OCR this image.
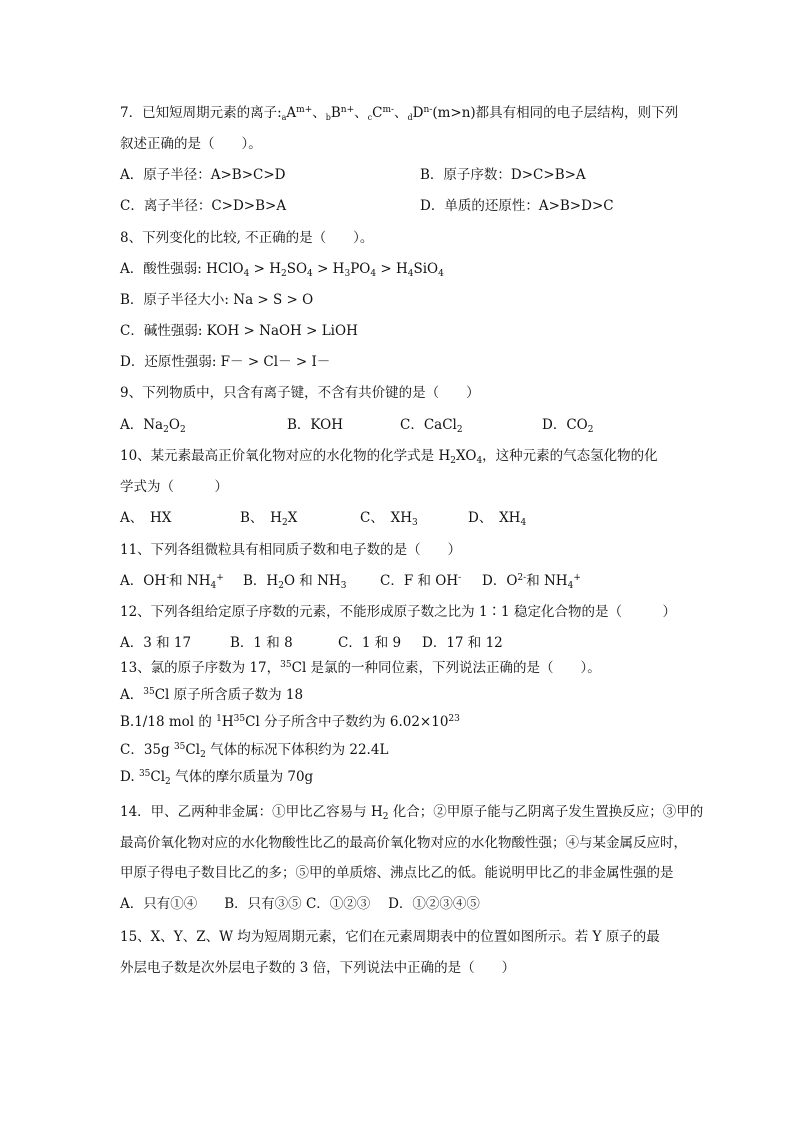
7．已知短周期元素的离子$:_aA^{m+}$、$_bB^{n+}$、$_cC^{m-}$、$_dD^{n-}(m>n)$都具有相同的电子层结构，则下列
叙述正确的是（　　）。
A．原子半径：A>B>C>D	B．原子序数：D>C>B>A
C．离子半径：C>D>B>A	D．单质的还原性：A>B>D>C
8、下列变化的比较, 不正确的是（　　）。
A．酸性强弱: HClO$_4$ > $H_2SO_4 > H_3PO_4 > H_4SiO_4$
B．原子半径大小: Na > S > O
C．碱性强弱: KOH > NaOH > LiOH
D．还原性强弱: F－ > Cl－ > I－
9、下列物质中，只含有离子键，不含有共价键的是（　　）
A．$Na_2O_2$	B．KOH	C．CaCl$_2$	D．$CO_2$
10、某元素最高正价氧化物对应的水化物的化学式是 $H_2XO_4$，这种元素的气态氢化物的化
学式为（　　　）
A、　HX	B、　$H_2X$	C、　$XH_3$	D、　$XH_4$
11、下列各组微粒具有相同质子数和电子数的是（　　）
A．OH-和 $NH_4^+$ B．$H_2O$ 和 $NH_3$ C．F 和 OH- D．$O^{2-}$和 $NH_4^+$
12、下列各组给定原子序数的元素，不能形成原子数之比为 1∶1 稳定化合物的是（　　　）
A．3 和 17	B．1 和 8	C．1 和 9 D．17 和 12
13、氯的原子序数为 17，$^{35}$Cl 是氯的一种同位素，下列说法正确的是（　　）。
A．$^{35}$Cl 原子所含质子数为 18
B.1/18 mol 的 $^1H^{35}Cl$ 分子所含中子数约为 $6.02\times 10^{23}$
C．35g $^{35}Cl_2$ 气体的标况下体积约为 22.4L
D. $^{35}Cl_2$ 气体的摩尔质量为 70g
14．甲、乙两种非金属：①甲比乙容易与 $H_2$ 化合；②甲原子能与乙阴离子发生置换反应；③甲的
最高价氧化物对应的水化物酸性比乙的最高价氧化物对应的水化物酸性强；④与某金属反应时，
甲原子得电子数目比乙的多；⑤甲的单质熔、沸点比乙的低。能说明甲比乙的非金属性强的是
A．只有①④　　B．只有③⑤ C．①②③　 D．①②③④⑤
15、X、Y、Z、W 均为短周期元素，它们在元素周期表中的位置如图所示。若 Y 原子的最
外层电子数是次外层电子数的 3 倍，下列说法中正确的是（　　）
